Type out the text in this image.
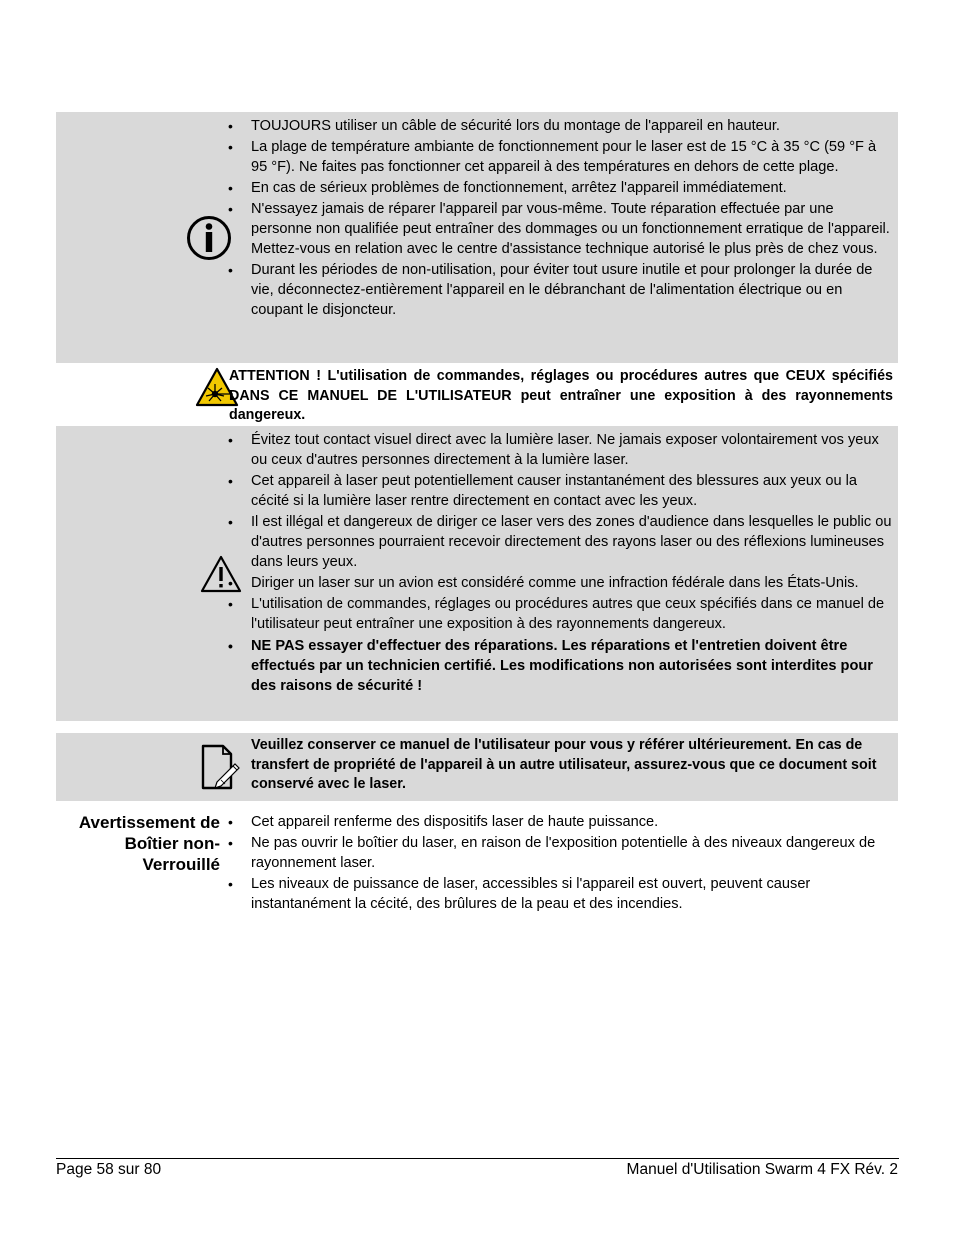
• TOUJOURS utiliser un câble de sécurité lors du montage de l'appareil en hauteur.
• La plage de température ambiante de fonctionnement pour le laser est de 15 °C à 35 °C (59 °F à 95 °F). Ne faites pas fonctionner cet appareil à des températures en dehors de cette plage.
• En cas de sérieux problèmes de fonctionnement, arrêtez l'appareil immédiatement.
• N'essayez jamais de réparer l'appareil par vous-même. Toute réparation effectuée par une personne non qualifiée peut entraîner des dommages ou un fonctionnement erratique de l'appareil. Mettez-vous en relation avec le centre d'assistance technique autorisé le plus près de chez vous.
• Durant les périodes de non-utilisation, pour éviter tout usure inutile et pour prolonger la durée de vie, déconnectez-entièrement l'appareil en le débranchant de l'alimentation électrique ou en coupant le disjoncteur.
ATTENTION ! L'utilisation de commandes, réglages ou procédures autres que CEUX spécifiés DANS CE MANUEL DE L'UTILISATEUR peut entraîner une exposition à des rayonnements dangereux.
• Évitez tout contact visuel direct avec la lumière laser. Ne jamais exposer volontairement vos yeux ou ceux d'autres personnes directement à la lumière laser.
• Cet appareil à laser peut potentiellement causer instantanément des blessures aux yeux ou la cécité si la lumière laser rentre directement en contact avec les yeux.
• Il est illégal et dangereux de diriger ce laser vers des zones d'audience dans lesquelles le public ou d'autres personnes pourraient recevoir directement des rayons laser ou des réflexions lumineuses dans leurs yeux.
• Diriger un laser sur un avion est considéré comme une infraction fédérale dans les États-Unis.
• L'utilisation de commandes, réglages ou procédures autres que ceux spécifiés dans ce manuel de l'utilisateur peut entraîner une exposition à des rayonnements dangereux.
• NE PAS essayer d'effectuer des réparations. Les réparations et l'entretien doivent être effectués par un technicien certifié. Les modifications non autorisées sont interdites pour des raisons de sécurité !
Veuillez conserver ce manuel de l'utilisateur pour vous y référer ultérieurement. En cas de transfert de propriété de l'appareil à un autre utilisateur, assurez-vous que ce document soit conservé avec le laser.
Avertissement de Boîtier non-Verrouillé
• Cet appareil renferme des dispositifs laser de haute puissance.
• Ne pas ouvrir le boîtier du laser, en raison de l'exposition potentielle à des niveaux dangereux de rayonnement laser.
• Les niveaux de puissance de laser, accessibles si l'appareil est ouvert, peuvent causer instantanément la cécité, des brûlures de la peau et des incendies.
Page 58 sur 80	Manuel d'Utilisation Swarm 4 FX Rév. 2
